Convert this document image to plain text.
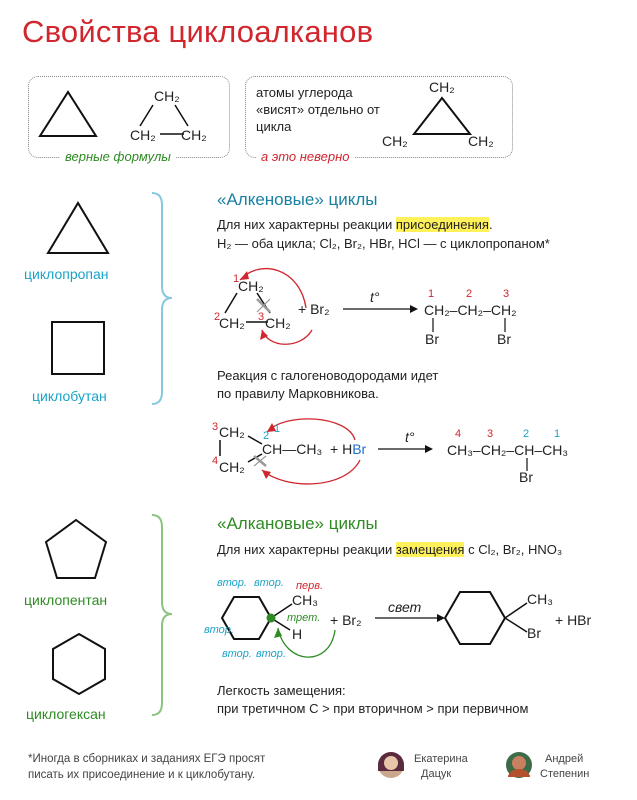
Свойства циклоалканов
верные формулы
CH₂
CH₂ CH₂
атомы углерода «висят» отдельно от цикла
а это неверно
CH₂
CH₂	CH₂
циклопропан
циклобутан
циклопентан
циклогексан
«Алкеновые» циклы
Для них характерны реакции присоединения.
H₂ — оба цикла; Cl₂, Br₂, HBr, HCl — с циклопропаном*
1
2	3
CH₂
CH₂ CH₂
+ Br₂
t°	1	2	3
CH₂–CH₂–CH₂
Br	Br
Реакция с галогеноводородами идет
по правилу Марковникова.
3
4
2
1
CH₂
CH₂
CH—CH₃ + HBr
t°	4 3	2 1
CH₃–CH₂–CH–CH₃
Br
«Алкановые» циклы
Для них характерны реакции замещения с Cl₂, Br₂, HNO₃
втор. втор. перв.
втор.
втор. втор.
трет.
CH₃
H
+ Br₂
свет	CH₃
Br
+ HBr
Легкость замещения:
при третичном С > при вторичном > при первичном
*Иногда в сборниках и заданиях ЕГЭ просят писать их присоединение и к циклобутану.
Екатерина
Дацук
Андрей
Степенин
